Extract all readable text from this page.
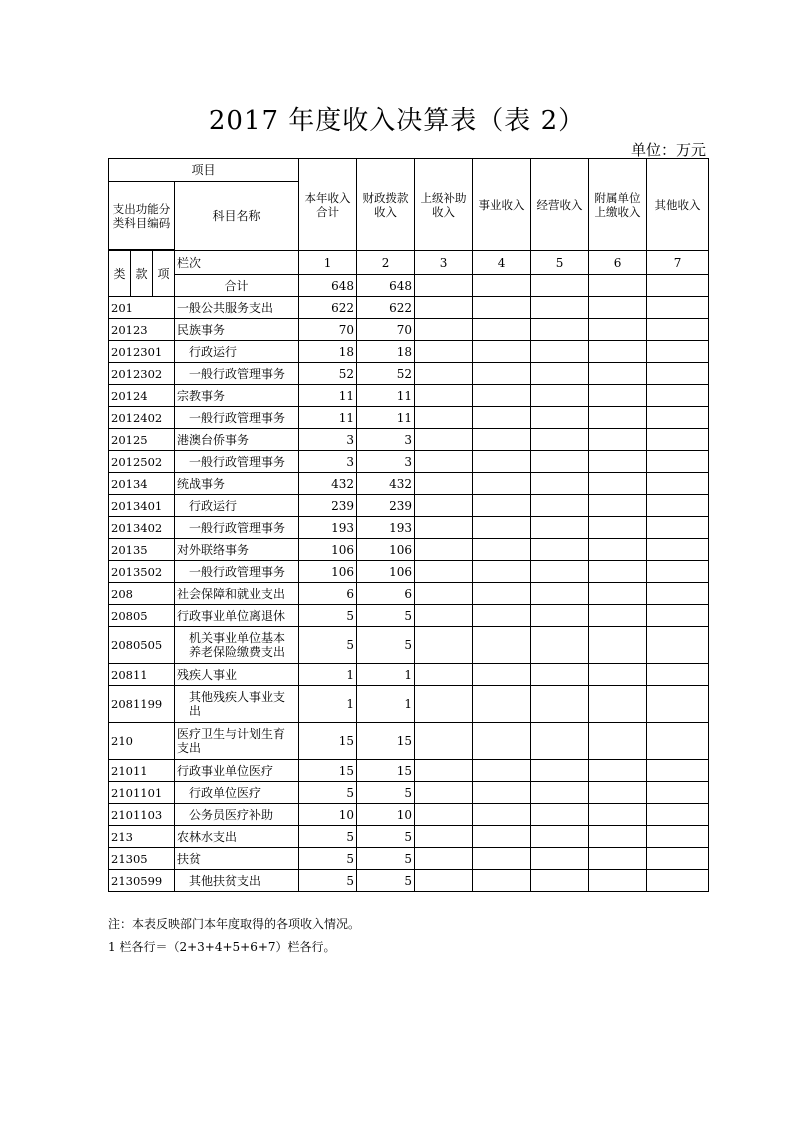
2017 年度收入决算表（表 2）
单位：万元
项目				本年收入合计	财政拨款收入	上级补助收入	事业收入	经营收入	附属单位上缴收入	其他收入
支出功能分类科目编码			科目名称							

类	款	项	栏次	1	2	3	4	5	6	7
			合计	648	648					
201			一般公共服务支出	622	622					
20123			民族事务	70	70					
2012301			行政运行	18	18					
2012302			一般行政管理事务	52	52					
20124			宗教事务	11	11					
2012402			一般行政管理事务	11	11					
20125			港澳台侨事务	3	3					
2012502			一般行政管理事务	3	3					
20134			统战事务	432	432					
2013401			行政运行	239	239					
2013402			一般行政管理事务	193	193					
20135			对外联络事务	106	106					
2013502			一般行政管理事务	106	106					
208			社会保障和就业支出	6	6					
20805			行政事业单位离退休	5	5					
2080505			机关事业单位基本养老保险缴费支出	5	5					
20811			残疾人事业	1	1					
2081199			其他残疾人事业支出	1	1					
210			医疗卫生与计划生育支出	15	15					
21011			行政事业单位医疗	15	15					
2101101			行政单位医疗	5	5					
2101103			公务员医疗补助	10	10					
213			农林水支出	5	5					
21305			扶贫	5	5					
2130599			其他扶贫支出	5	5					
注：本表反映部门本年度取得的各项收入情况。
1 栏各行＝（2+3+4+5+6+7）栏各行。
